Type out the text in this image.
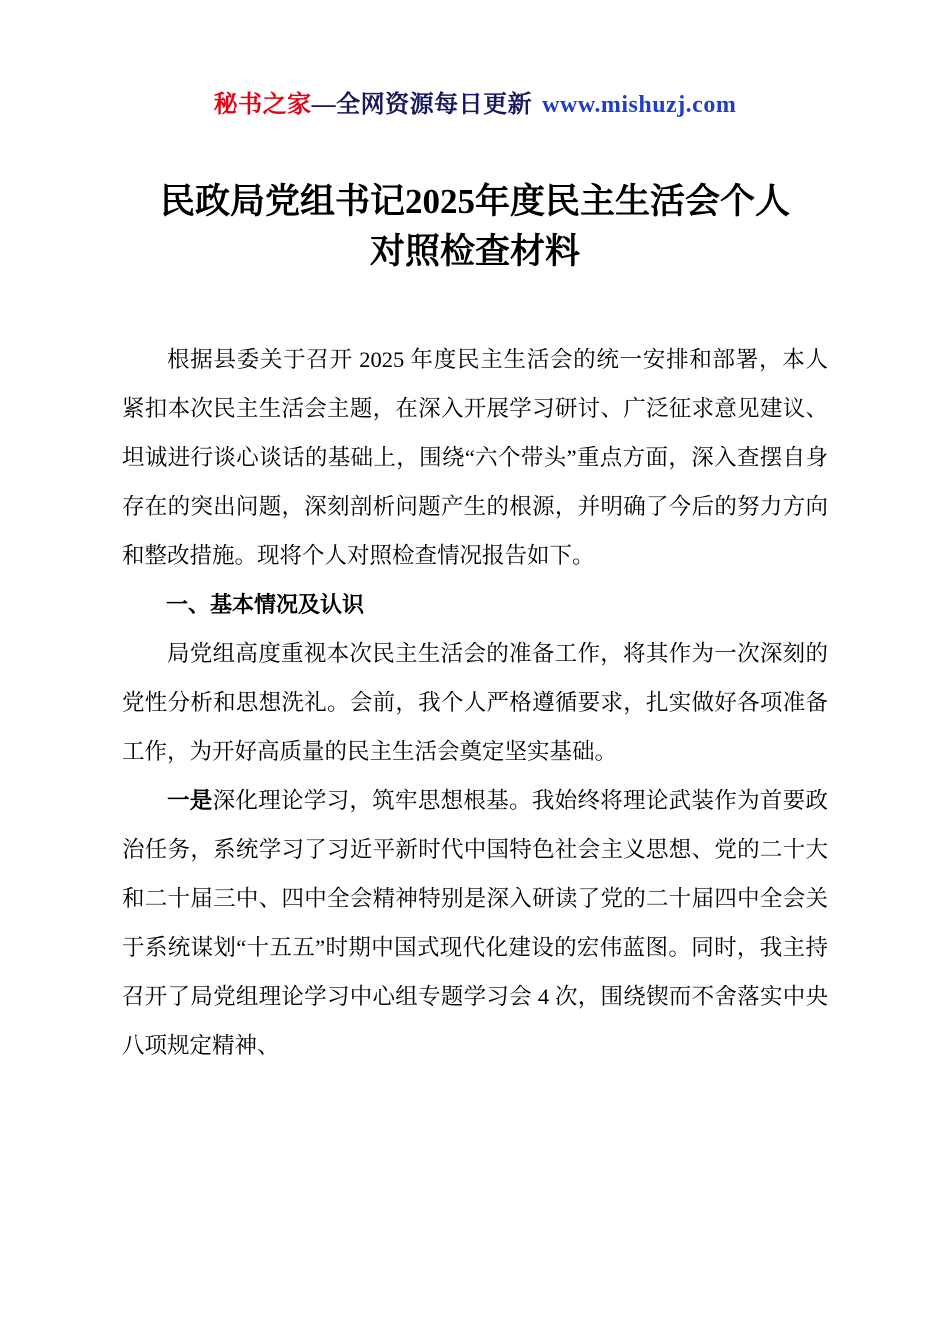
秘书之家—全网资源每日更新 www.mishuzj.com
民政局党组书记2025年度民主生活会个人
对照检查材料

根据县委关于召开 2025 年度民主生活会的统一安排和部署，本人紧扣本次民主生活会主题，在深入开展学习研讨、广泛征求意见建议、坦诚进行谈心谈话的基础上，围绕“六个带头”重点方面，深入查摆自身存在的突出问题，深刻剖析问题产生的根源，并明确了今后的努力方向和整改措施。现将个人对照检查情况报告如下。

一、基本情况及认识

局党组高度重视本次民主生活会的准备工作，将其作为一次深刻的党性分析和思想洗礼。会前，我个人严格遵循要求，扎实做好各项准备工作，为开好高质量的民主生活会奠定坚实基础。

一是深化理论学习，筑牢思想根基。我始终将理论武装作为首要政治任务，系统学习了习近平新时代中国特色社会主义思想、党的二十大和二十届三中、四中全会精神特别是深入研读了党的二十届四中全会关于系统谋划“十五五”时期中国式现代化建设的宏伟蓝图。同时，我主持召开了局党组理论学习中心组专题学习会 4 次，围绕锲而不舍落实中央八项规定精神、
